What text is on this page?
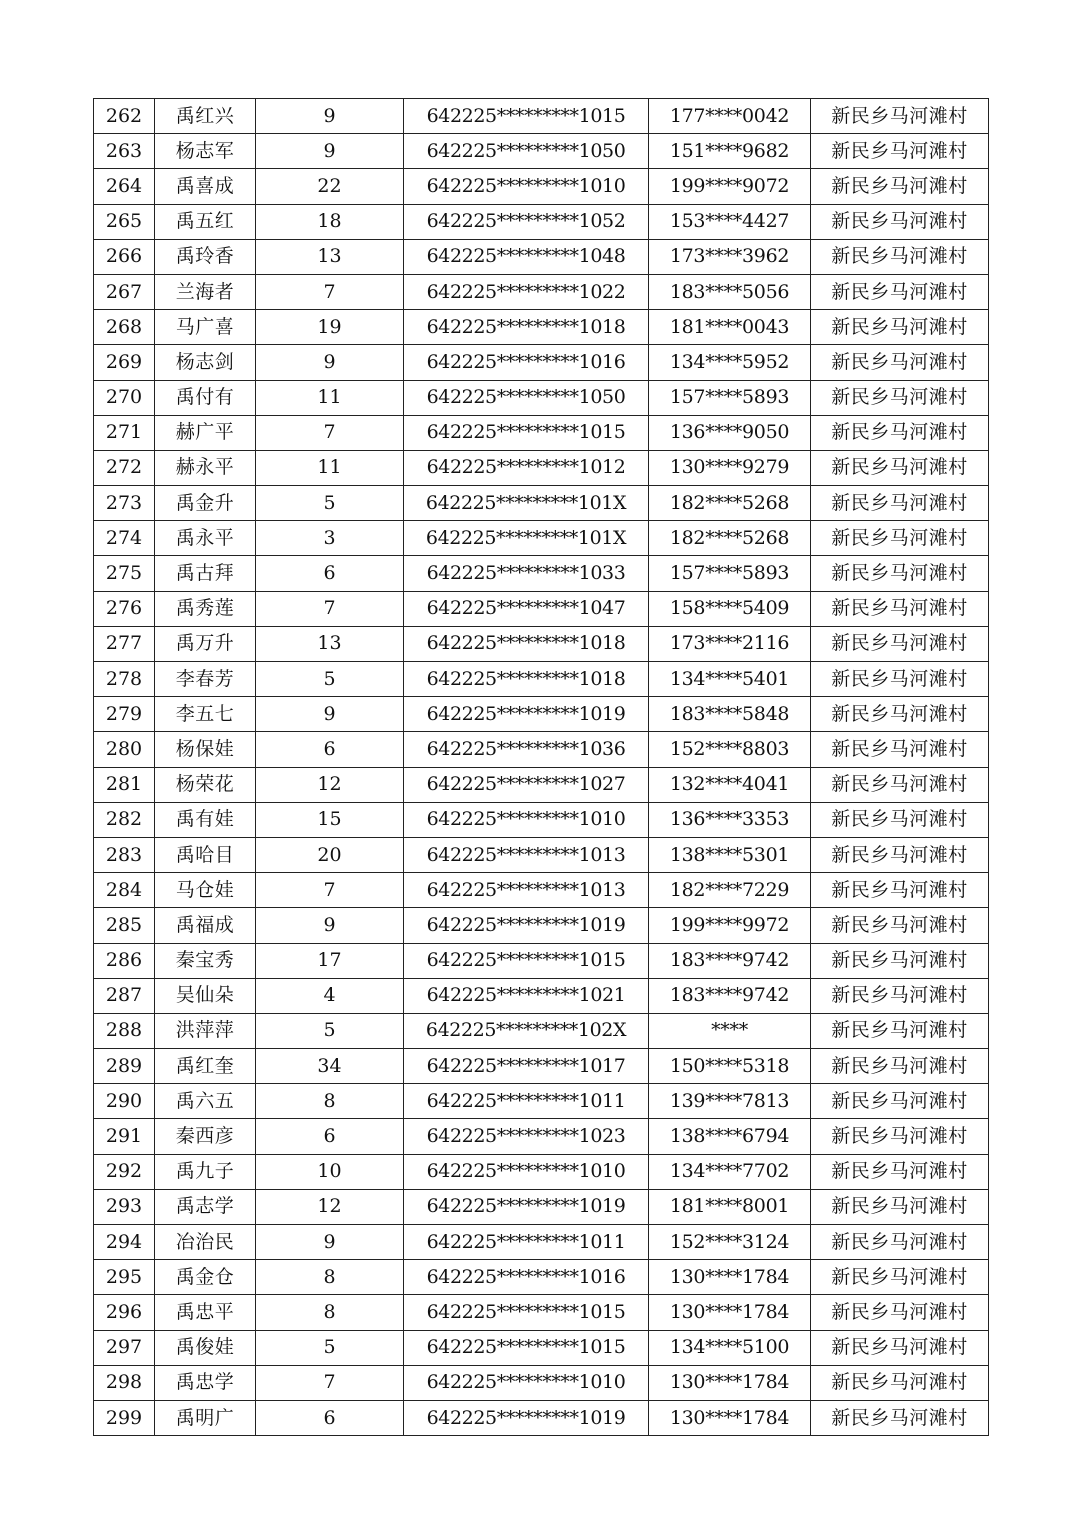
262	禹红兴	9	642225*********1015	177****0042	新民乡马河滩村
263	杨志军	9	642225*********1050	151****9682	新民乡马河滩村
264	禹喜成	22	642225*********1010	199****9072	新民乡马河滩村
265	禹五红	18	642225*********1052	153****4427	新民乡马河滩村
266	禹玲香	13	642225*********1048	173****3962	新民乡马河滩村
267	兰海者	7	642225*********1022	183****5056	新民乡马河滩村
268	马广喜	19	642225*********1018	181****0043	新民乡马河滩村
269	杨志剑	9	642225*********1016	134****5952	新民乡马河滩村
270	禹付有	11	642225*********1050	157****5893	新民乡马河滩村
271	赫广平	7	642225*********1015	136****9050	新民乡马河滩村
272	赫永平	11	642225*********1012	130****9279	新民乡马河滩村
273	禹金升	5	642225*********101X	182****5268	新民乡马河滩村
274	禹永平	3	642225*********101X	182****5268	新民乡马河滩村
275	禹古拜	6	642225*********1033	157****5893	新民乡马河滩村
276	禹秀莲	7	642225*********1047	158****5409	新民乡马河滩村
277	禹万升	13	642225*********1018	173****2116	新民乡马河滩村
278	李春芳	5	642225*********1018	134****5401	新民乡马河滩村
279	李五七	9	642225*********1019	183****5848	新民乡马河滩村
280	杨保娃	6	642225*********1036	152****8803	新民乡马河滩村
281	杨荣花	12	642225*********1027	132****4041	新民乡马河滩村
282	禹有娃	15	642225*********1010	136****3353	新民乡马河滩村
283	禹哈目	20	642225*********1013	138****5301	新民乡马河滩村
284	马仓娃	7	642225*********1013	182****7229	新民乡马河滩村
285	禹福成	9	642225*********1019	199****9972	新民乡马河滩村
286	秦宝秀	17	642225*********1015	183****9742	新民乡马河滩村
287	吴仙朵	4	642225*********1021	183****9742	新民乡马河滩村
288	洪萍萍	5	642225*********102X	****	新民乡马河滩村
289	禹红奎	34	642225*********1017	150****5318	新民乡马河滩村
290	禹六五	8	642225*********1011	139****7813	新民乡马河滩村
291	秦西彦	6	642225*********1023	138****6794	新民乡马河滩村
292	禹九子	10	642225*********1010	134****7702	新民乡马河滩村
293	禹志学	12	642225*********1019	181****8001	新民乡马河滩村
294	冶治民	9	642225*********1011	152****3124	新民乡马河滩村
295	禹金仓	8	642225*********1016	130****1784	新民乡马河滩村
296	禹忠平	8	642225*********1015	130****1784	新民乡马河滩村
297	禹俊娃	5	642225*********1015	134****5100	新民乡马河滩村
298	禹忠学	7	642225*********1010	130****1784	新民乡马河滩村
299	禹明广	6	642225*********1019	130****1784	新民乡马河滩村
